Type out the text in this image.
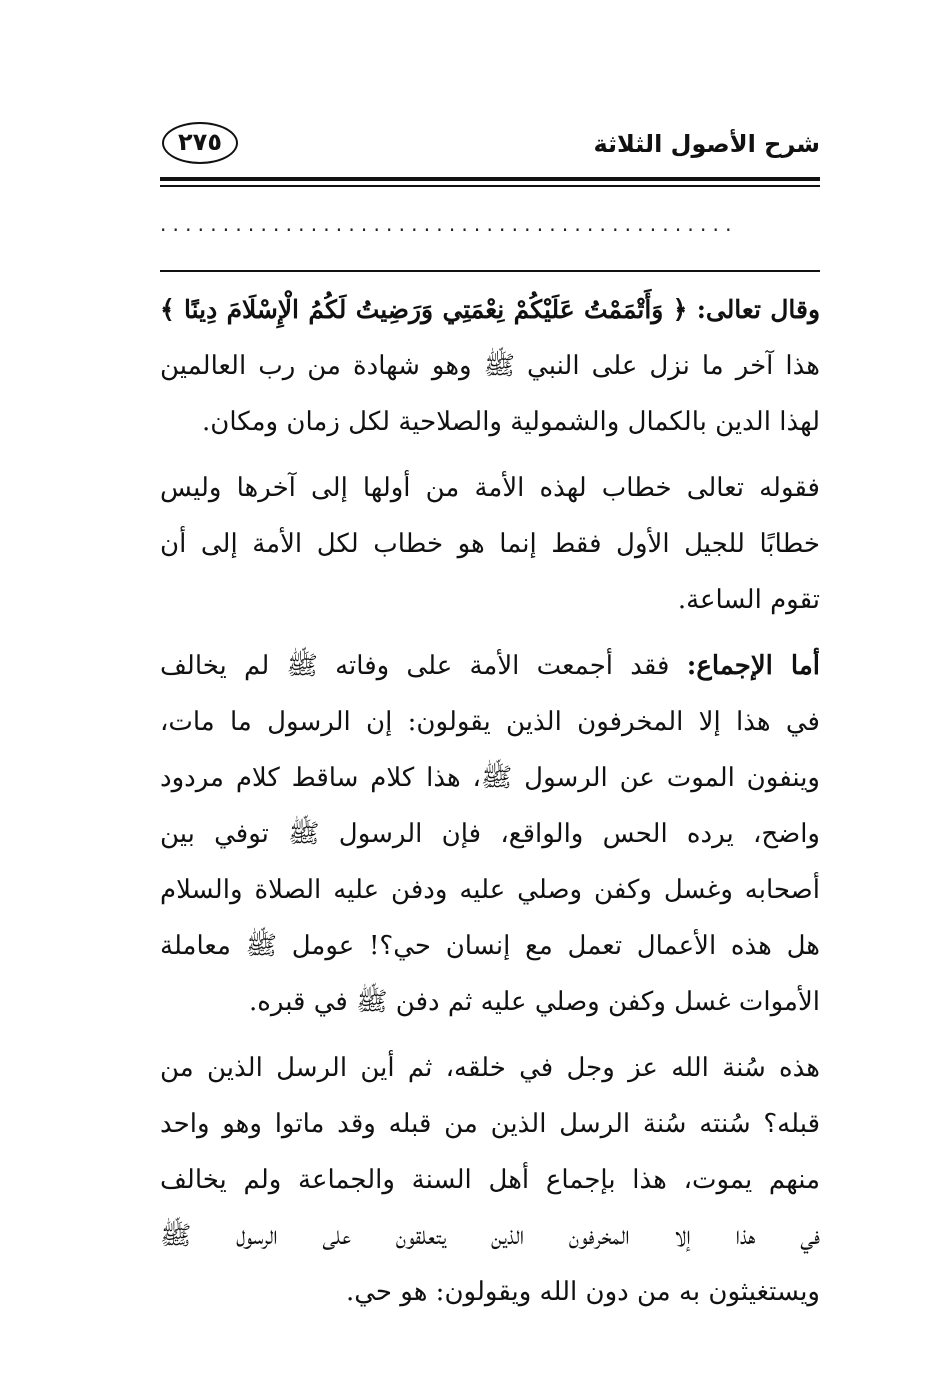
شرح الأصول الثلاثة
٢٧٥
..............................................
وقال تعالى: ﴿ وَأَتْمَمْتُ عَلَيْكُمْ نِعْمَتِي وَرَضِيتُ لَكُمُ الْإِسْلَامَ دِينًا ﴾
هذا آخر ما نزل على النبي ﷺ وهو شهادة من رب العالمين
لهذا الدين بالكمال والشمولية والصلاحية لكل زمان ومكان.
فقوله تعالى خطاب لهذه الأمة من أولها إلى آخرها وليس
خطابًا للجيل الأول فقط إنما هو خطاب لكل الأمة إلى أن
تقوم الساعة.
أما الإجماع: فقد أجمعت الأمة على وفاته ﷺ لم يخالف
في هذا إلا المخرفون الذين يقولون: إن الرسول ما مات،
وينفون الموت عن الرسول ﷺ، هذا كلام ساقط كلام مردود
واضح، يرده الحس والواقع، فإن الرسول ﷺ توفي بين
أصحابه وغسل وكفن وصلي عليه ودفن عليه الصلاة والسلام
هل هذه الأعمال تعمل مع إنسان حي؟! عومل ﷺ معاملة
الأموات غسل وكفن وصلي عليه ثم دفن ﷺ في قبره.
هذه سُنة الله عز وجل في خلقه، ثم أين الرسل الذين من
قبله؟ سُنته سُنة الرسل الذين من قبله وقد ماتوا وهو واحد
منهم يموت، هذا بإجماع أهل السنة والجماعة ولم يخالف
في هذا إلا المخرفون الذين يتعلقون على الرسول ﷺ
ويستغيثون به من دون الله ويقولون: هو حي.
